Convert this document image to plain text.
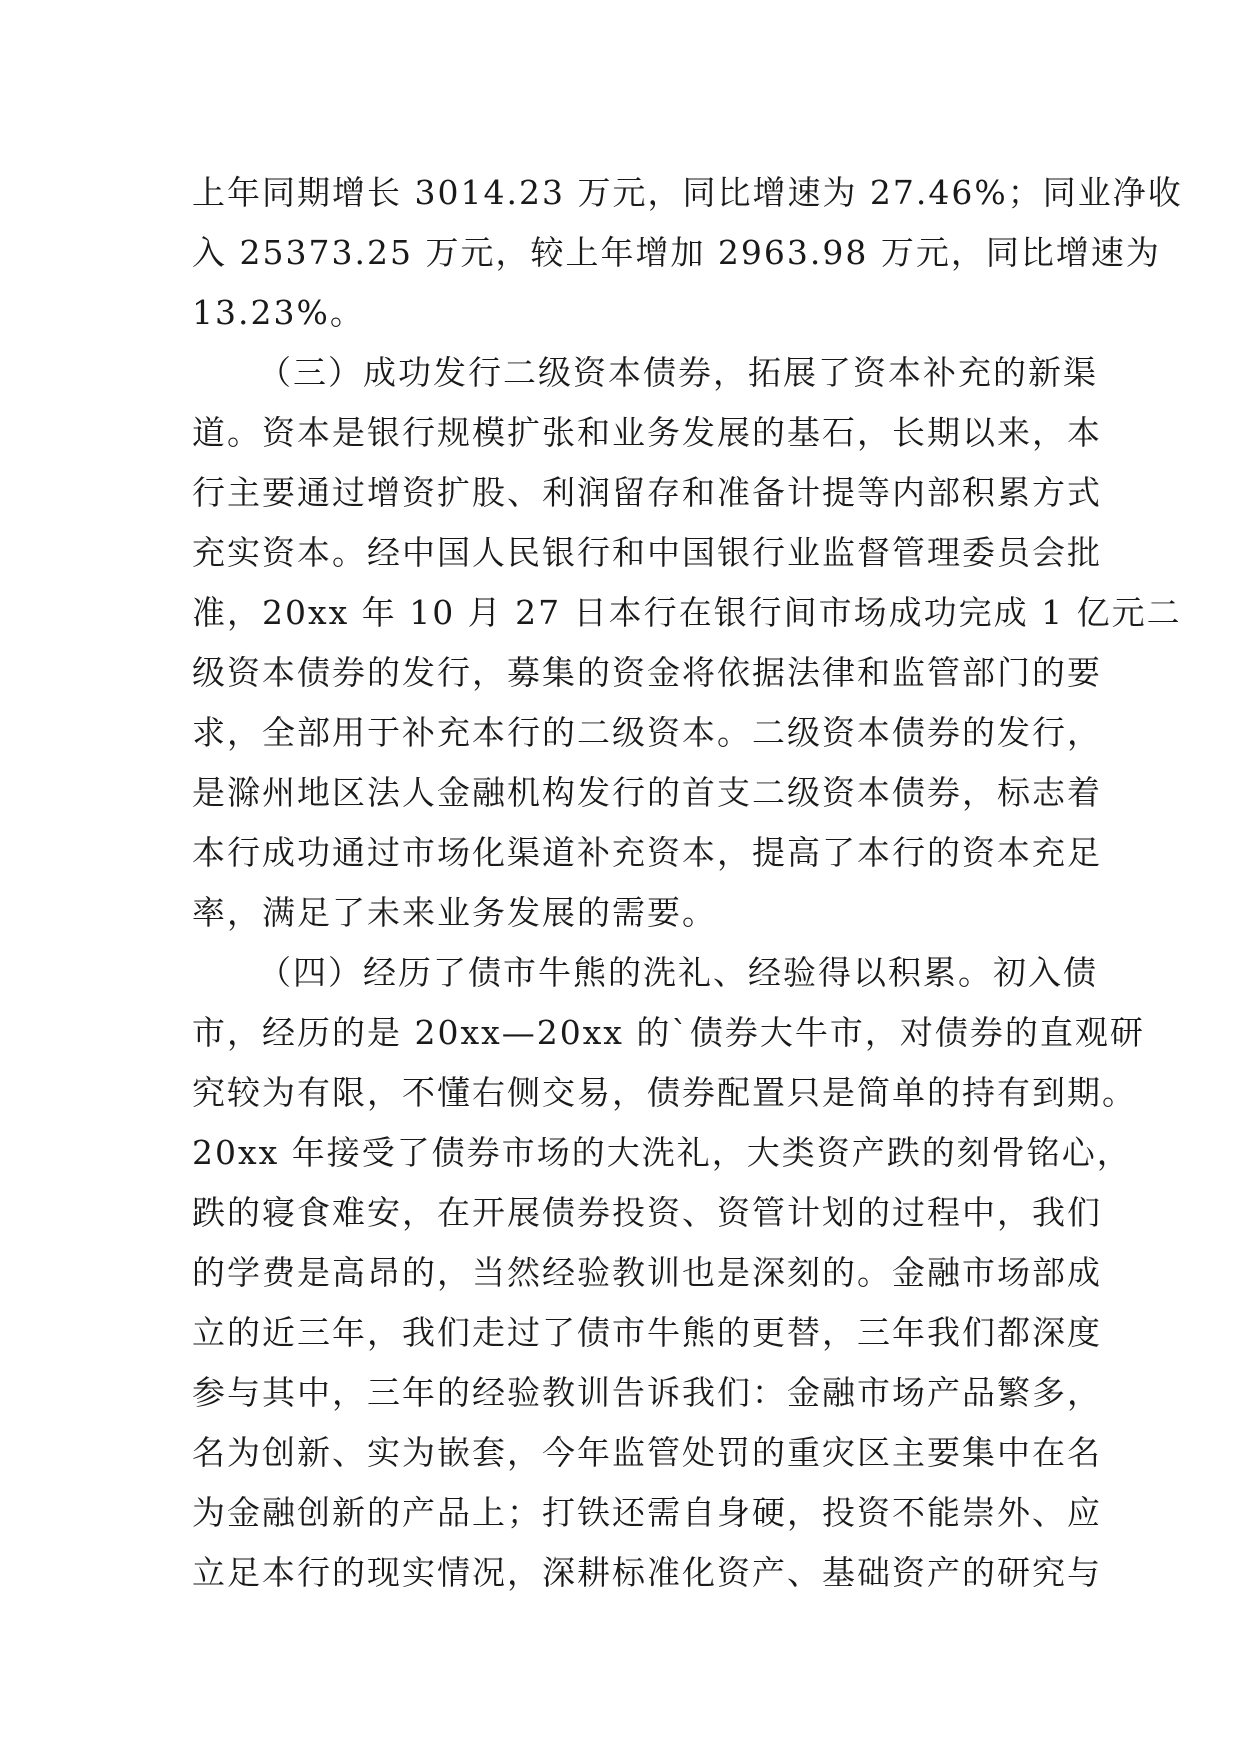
上年同期增长 3014.23 万元，同比增速为 27.46%；同业净收
入 25373.25 万元，较上年增加 2963.98 万元，同比增速为
13.23%。
（三）成功发行二级资本债券，拓展了资本补充的新渠
道。资本是银行规模扩张和业务发展的基石，长期以来，本
行主要通过增资扩股、利润留存和准备计提等内部积累方式
充实资本。经中国人民银行和中国银行业监督管理委员会批
准，20xx 年 10 月 27 日本行在银行间市场成功完成 1 亿元二
级资本债券的发行，募集的资金将依据法律和监管部门的要
求，全部用于补充本行的二级资本。二级资本债券的发行，
是滁州地区法人金融机构发行的首支二级资本债券，标志着
本行成功通过市场化渠道补充资本，提高了本行的资本充足
率，满足了未来业务发展的需要。
（四）经历了债市牛熊的洗礼、经验得以积累。初入债
市，经历的是 20xx—20xx 的`债券大牛市，对债券的直观研
究较为有限，不懂右侧交易，债券配置只是简单的持有到期。
20xx 年接受了债券市场的大洗礼，大类资产跌的刻骨铭心，
跌的寝食难安，在开展债券投资、资管计划的过程中，我们
的学费是高昂的，当然经验教训也是深刻的。金融市场部成
立的近三年，我们走过了债市牛熊的更替，三年我们都深度
参与其中，三年的经验教训告诉我们：金融市场产品繁多，
名为创新、实为嵌套，今年监管处罚的重灾区主要集中在名
为金融创新的产品上；打铁还需自身硬，投资不能崇外、应
立足本行的现实情况，深耕标准化资产、基础资产的研究与
